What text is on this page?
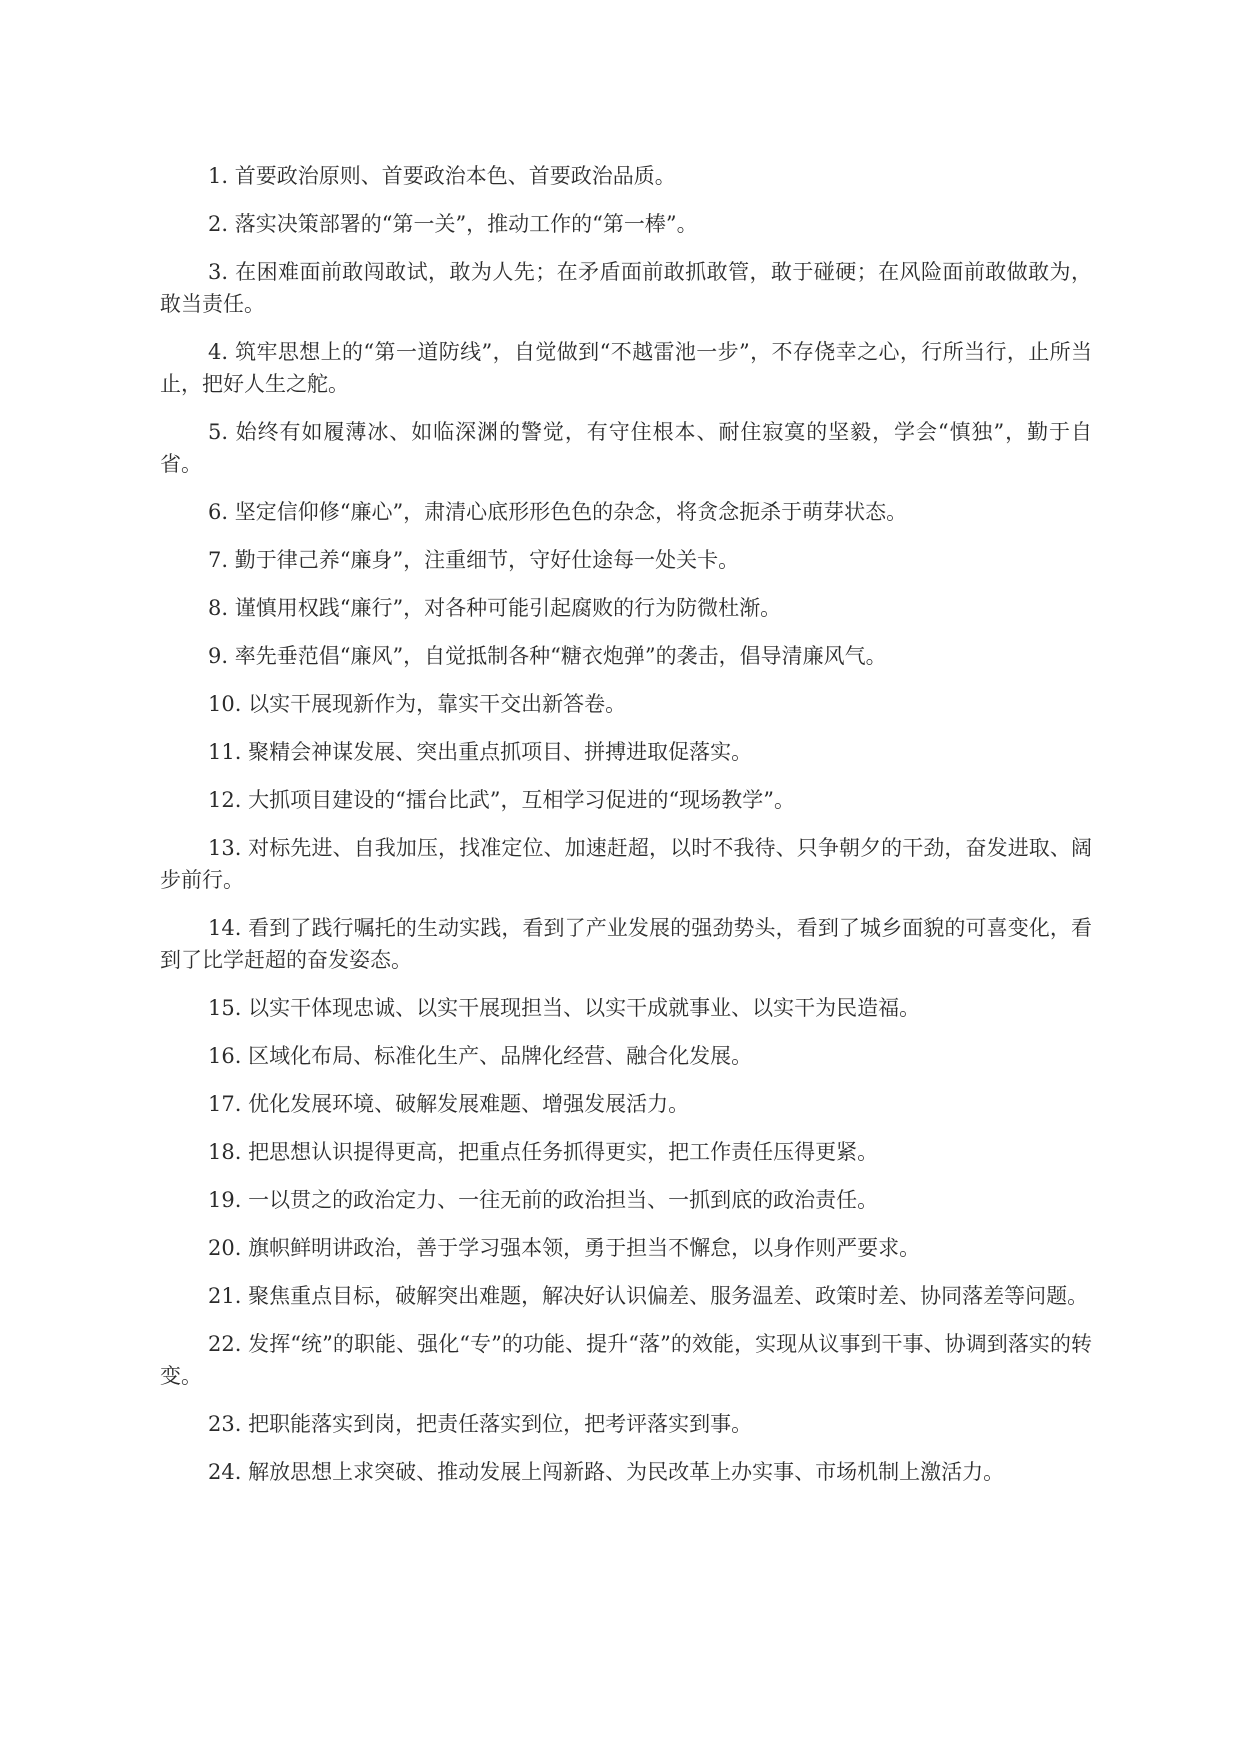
1. 首要政治原则、首要政治本色、首要政治品质。

2. 落实决策部署的“第一关”，推动工作的“第一棒”。

3. 在困难面前敢闯敢试，敢为人先；在矛盾面前敢抓敢管，敢于碰硬；在风险面前敢做敢为，敢当责任。

4. 筑牢思想上的“第一道防线”，自觉做到“不越雷池一步”，不存侥幸之心，行所当行，止所当止，把好人生之舵。

5. 始终有如履薄冰、如临深渊的警觉，有守住根本、耐住寂寞的坚毅，学会“慎独”，勤于自省。

6. 坚定信仰修“廉心”，肃清心底形形色色的杂念，将贪念扼杀于萌芽状态。

7. 勤于律己养“廉身”，注重细节，守好仕途每一处关卡。

8. 谨慎用权践“廉行”，对各种可能引起腐败的行为防微杜渐。

9. 率先垂范倡“廉风”，自觉抵制各种“糖衣炮弹”的袭击，倡导清廉风气。

10. 以实干展现新作为，靠实干交出新答卷。

11. 聚精会神谋发展、突出重点抓项目、拼搏进取促落实。

12. 大抓项目建设的“擂台比武”，互相学习促进的“现场教学”。

13. 对标先进、自我加压，找准定位、加速赶超，以时不我待、只争朝夕的干劲，奋发进取、阔步前行。

14. 看到了践行嘱托的生动实践，看到了产业发展的强劲势头，看到了城乡面貌的可喜变化，看到了比学赶超的奋发姿态。

15. 以实干体现忠诚、以实干展现担当、以实干成就事业、以实干为民造福。

16. 区域化布局、标准化生产、品牌化经营、融合化发展。

17. 优化发展环境、破解发展难题、增强发展活力。

18. 把思想认识提得更高，把重点任务抓得更实，把工作责任压得更紧。

19. 一以贯之的政治定力、一往无前的政治担当、一抓到底的政治责任。

20. 旗帜鲜明讲政治，善于学习强本领，勇于担当不懈怠，以身作则严要求。

21. 聚焦重点目标，破解突出难题，解决好认识偏差、服务温差、政策时差、协同落差等问题。

22. 发挥“统”的职能、强化“专”的功能、提升“落”的效能，实现从议事到干事、协调到落实的转变。

23. 把职能落实到岗，把责任落实到位，把考评落实到事。

24. 解放思想上求突破、推动发展上闯新路、为民改革上办实事、市场机制上激活力。
